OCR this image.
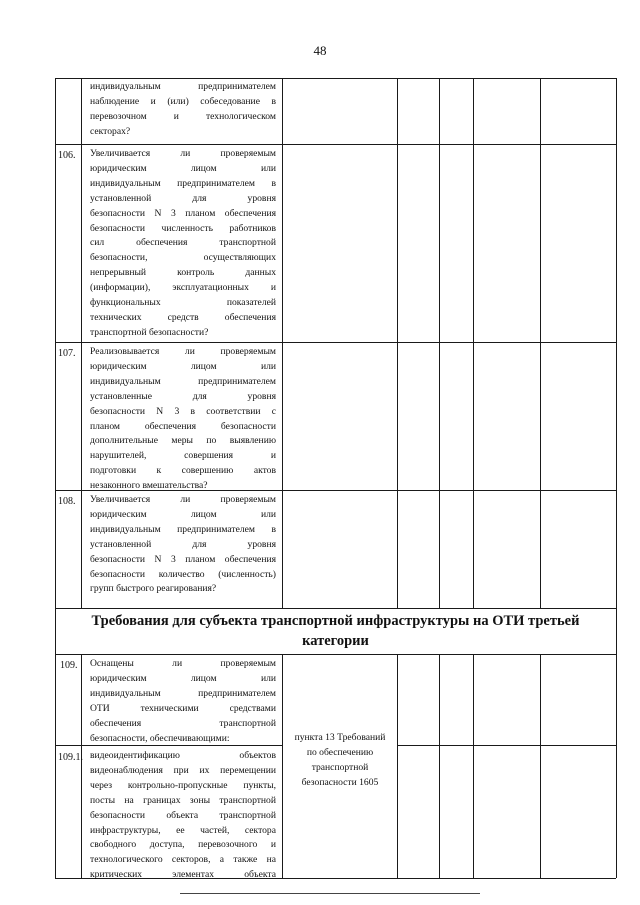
48
индивидуальным предпринимателем
наблюдение и (или) собеседование в
перевозочном и технологическом
секторах?
106. Увеличивается ли проверяемым
юридическим лицом или
индивидуальным предпринимателем в
установленной для уровня
безопасности N 3 планом обеспечения
безопасности численность работников
сил обеспечения транспортной
безопасности, осуществляющих
непрерывный контроль данных
(информации), эксплуатационных и
функциональных показателей
технических средств обеспечения
транспортной безопасности?
107. Реализовывается ли проверяемым
юридическим лицом или
индивидуальным предпринимателем
установленные для уровня
безопасности N 3 в соответствии с
планом обеспечения безопасности
дополнительные меры по выявлению
нарушителей, совершения и
подготовки к совершению актов
незаконного вмешательства?
108. Увеличивается ли проверяемым
юридическим лицом или
индивидуальным предпринимателем в
установленной для уровня
безопасности N 3 планом обеспечения
безопасности количество (численность)
групп быстрого реагирования?
Требования для субъекта транспортной инфраструктуры на ОТИ третьей
категории
109. Оснащены ли проверяемым
юридическим лицом или
индивидуальным предпринимателем
ОТИ техническими средствами
обеспечения транспортной
безопасности, обеспечивающими:	пункта 13 Требований
по обеспечению
транспортной
безопасности 1605
109.1. видеоидентификацию объектов
видеонаблюдения при их перемещении
через контрольно-пропускные пункты,
посты на границах зоны транспортной
безопасности объекта транспортной
инфраструктуры, ее частей, сектора
свободного доступа, перевозочного и
технологического секторов, а также на
критических элементах объекта
